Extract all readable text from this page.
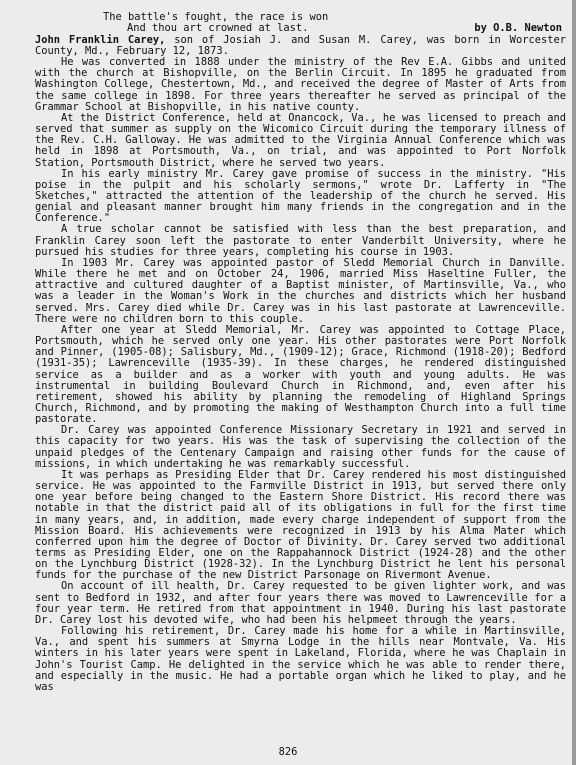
The battle's fought, the race is won
And thou art crowned at last.	by O.B. Newton

John Franklin Carey, son of Josiah J. and Susan M. Carey, was born in Worcester County, Md., February 12, 1873.

He was converted in 1888 under the ministry of the Rev E.A. Gibbs and united with the church at Bishopville, on the Berlin Circuit. In 1895 he graduated from Washington College, Chestertown, Md., and received the degree of Master of Arts from the same college in 1898. For three years thereafter he served as principal of the Grammar School at Bishopville, in his native county.

At the District Conference, held at Onancock, Va., he was licensed to preach and served that summer as supply on the Wicomico Circuit during the temporary illness of the Rev. C.H. Galloway. He was admitted to the Virginia Annual Conference which was held in 1898 at Portsmouth, Va., on trial, and was appointed to Port Norfolk Station, Portsmouth District, where he served two years.

In his early ministry Mr. Carey gave promise of success in the ministry. "His poise in the pulpit and his scholarly sermons," wrote Dr. Lafferty in "The Sketches," attracted the attention of the leadership of the church he served. His genial and pleasant manner brought him many friends in the congregation and in the Conference."

A true scholar cannot be satisfied with less than the best preparation, and Franklin Carey soon left the pastorate to enter Vanderbilt University, where he pursued his studies for three years, completing his course in 1903.

In 1903 Mr. Carey was appointed pastor of Sledd Memorial Church in Danville. While there he met and on October 24, 1906, married Miss Haseltine Fuller, the attractive and cultured daughter of a Baptist minister, of Martinsville, Va., who was a leader in the Woman's Work in the churches and districts which her husband served. Mrs. Carey died while Dr. Carey was in his last pastorate at Lawrenceville. There were no children born to this couple.

After one year at Sledd Memorial, Mr. Carey was appointed to Cottage Place, Portsmouth, which he served only one year. His other pastorates were Port Norfolk and Pinner, (1905-08); Salisbury, Md., (1909-12); Grace, Richmond (1918-20); Bedford (1931-35); Lawrenceville (1935-39). In these charges, he rendered distinguished service as a builder and as a worker with youth and young adults. He was instrumental in building Boulevard Church in Richmond, and, even after his retirement, showed his ability by planning the remodeling of Highland Springs Church, Richmond, and by promoting the making of Westhampton Church into a full time pastorate.

Dr. Carey was appointed Conference Missionary Secretary in 1921 and served in this capacity for two years. His was the task of supervising the collection of the unpaid pledges of the Centenary Campaign and raising other funds for the cause of missions, in which undertaking he was remarkably successful.

It was perhaps as Presiding Elder that Dr. Carey rendered his most distinguished service. He was appointed to the Farmville District in 1913, but served there only one year before being changed to the Eastern Shore District. His record there was notable in that the district paid all of its obligations in full for the first time in many years, and, in addition, made every charge independent of support from the Mission Board. His achievements were recognized in 1913 by his Alma Mater which conferred upon him the degree of Doctor of Divinity. Dr. Carey served two additional terms as Presiding Elder, one on the Rappahannock District (1924-28) and the other on the Lynchburg District (1928-32). In the Lynchburg District he lent his personal funds for the purchase of the new District Parsonage on Rivermont Avenue.

On account of ill health, Dr. Carey requested to be given lighter work, and was sent to Bedford in 1932, and after four years there was moved to Lawrenceville for a four year term. He retired from that appointment in 1940. During his last pastorate Dr. Carey lost his devoted wife, who had been his helpmeet through the years.

Following his retirement, Dr. Carey made his home for a while in Martinsville, Va., and spent his summers at Smyrna Lodge in the hills near Montvale, Va. His winters in his later years were spent in Lakeland, Florida, where he was Chaplain in John's Tourist Camp. He delighted in the service which he was able to render there, and especially in the music. He had a portable organ which he liked to play, and he was

826
